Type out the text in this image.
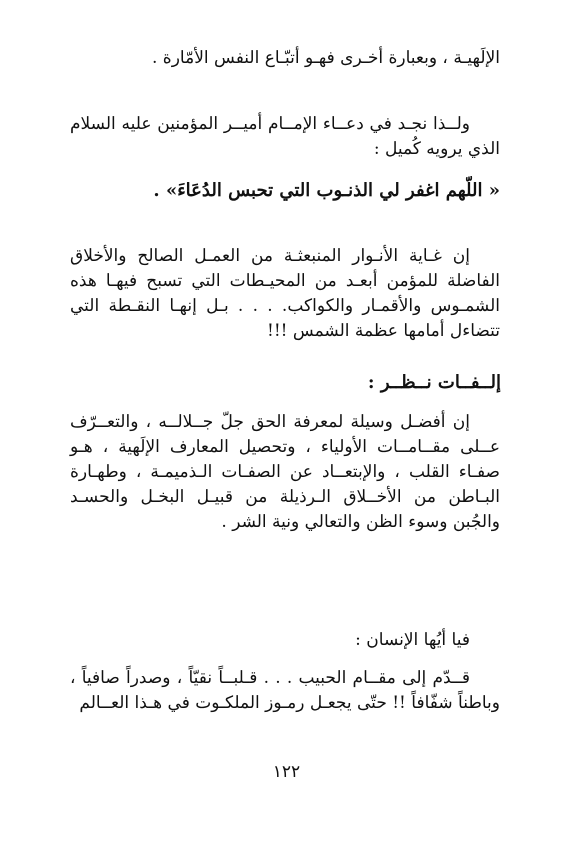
الإلَهيـة ، وبعبارة أخـرى فهـو أتبّـاع النفس الأمّارة .

ولــذا نجـد في دعــاء الإمــام أميــر المؤمنين عليه السلام الذي يرويه كُميل :

« اللّهم اغفر لي الذنـوب التي تحبس الدُعَاءَ» .

إن غـاية الأنـوار المنبعثـة من العمـل الصالح والأخلاق الفاضلة للمؤمن أبعـد من المحيـطات التي تسبح فيهـا هذه الشمـوس والأقمـار والكواكب. . . . بـل إنهـا النقـطة التي تتضاءل أمامها عظمة الشمس !!!

إلــفــات نــظــر :

إن أفضـل وسيلة لمعرفة الحق جلّ جــلالــه ، والتعــرّف عــلى مقــامــات الأولياء ، وتحصيل المعارف الإلَهية ، هـو صفـاء القلب ، والإبتعــاد عن الصفـات الـذميمـة ، وطهـارة البـاطن من الأخــلاق الـرذيلة من قبيـل البخـل والحسـد والجُبن وسوء الظن والتعالي ونية الشر .

فيا أيُها الإنسان :

قــدّم إلى مقــام الحبيب . . . قـلبــاً نقيّاً ، وصدراً صافياً ، وباطناً شفّافاً !! حتّى يجعـل رمـوز الملكـوت في هـذا العــالم

١٢٢
